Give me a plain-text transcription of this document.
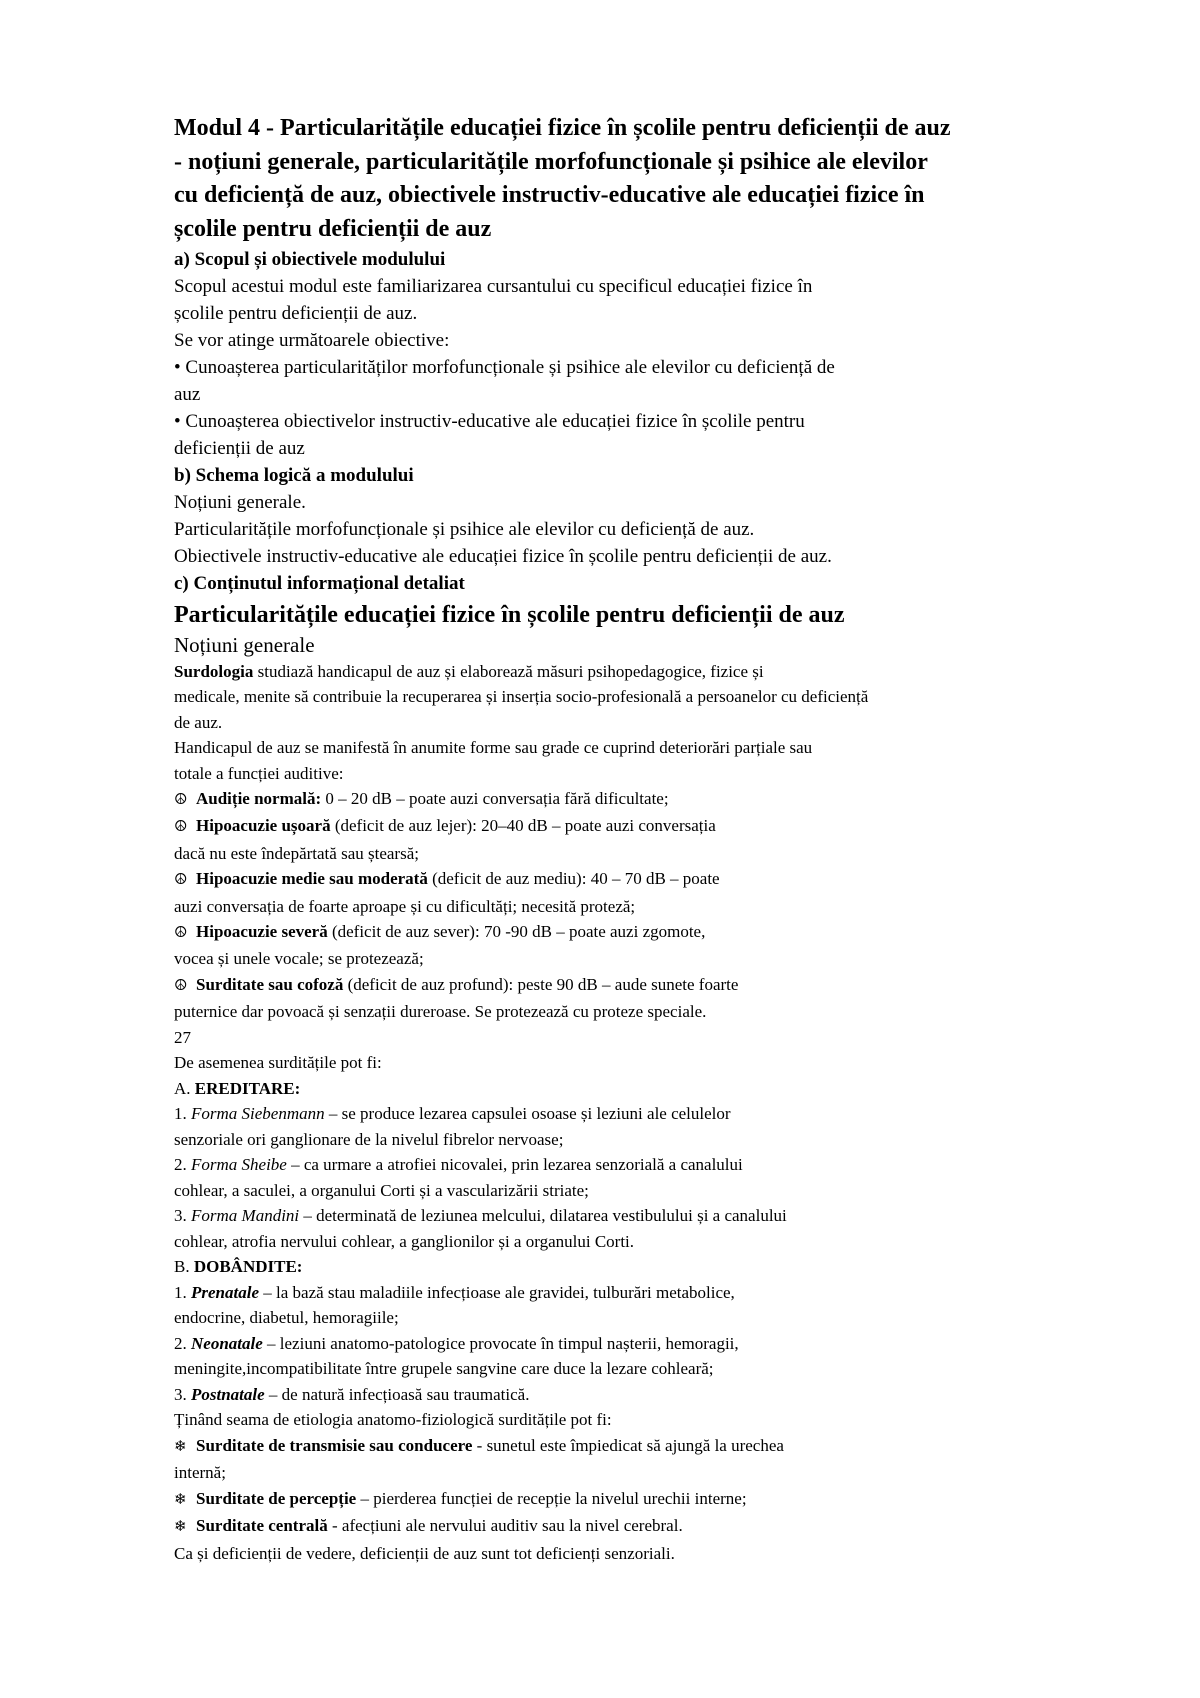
Modul 4 - Particularitățile educației fizice în școlile pentru deficienții de auz
- noțiuni generale, particularitățile morfofuncționale și psihice ale elevilor
cu deficiență de auz, obiectivele instructiv-educative ale educației fizice în
școlile pentru deficienții de auz
a) Scopul și obiectivele modulului
Scopul acestui modul este familiarizarea cursantului cu specificul educației fizice în
școlile pentru deficienții de auz.
Se vor atinge următoarele obiective:
• Cunoașterea particularităților morfofuncționale și psihice ale elevilor cu deficiență de
auz
• Cunoașterea obiectivelor instructiv-educative ale educației fizice în școlile pentru
deficienții de auz
b) Schema logică a modulului
Noțiuni generale.
Particularitățile morfofuncționale și psihice ale elevilor cu deficiență de auz.
Obiectivele instructiv-educative ale educației fizice în școlile pentru deficienții de auz.
c) Conținutul informațional detaliat
Particularitățile educației fizice în școlile pentru deficienții de auz
Noțiuni generale
Surdologia studiază handicapul de auz și elaborează măsuri psihopedagogice, fizice și
medicale, menite să contribuie la recuperarea și inserția socio-profesională a persoanelor cu deficiență
de auz.
Handicapul de auz se manifestă în anumite forme sau grade ce cuprind deteriorări parțiale sau
totale a funcției auditive:
☮ Audiție normală: 0 – 20 dB – poate auzi conversația fără dificultate;
☮ Hipoacuzie ușoară (deficit de auz lejer): 20–40 dB – poate auzi conversația
dacă nu este îndepărtată sau ștearsă;
☮ Hipoacuzie medie sau moderată (deficit de auz mediu): 40 – 70 dB – poate
auzi conversația de foarte aproape și cu dificultăți; necesită proteză;
☮ Hipoacuzie severă (deficit de auz sever): 70 -90 dB – poate auzi zgomote,
vocea și unele vocale; se protezează;
☮ Surditate sau cofoză (deficit de auz profund): peste 90 dB – aude sunete foarte
puternice dar povoacă și senzații dureroase. Se protezează cu proteze speciale.
27
De asemenea surditățile pot fi:
A. EREDITARE:
1. Forma Siebenmann – se produce lezarea capsulei osoase și leziuni ale celulelor
senzoriale ori ganglionare de la nivelul fibrelor nervoase;
2. Forma Sheibe – ca urmare a atrofiei nicovalei, prin lezarea senzorială a canalului
cohlear, a saculei, a organului Corti și a vascularizării striate;
3. Forma Mandini – determinată de leziunea melcului, dilatarea vestibulului și a canalului
cohlear, atrofia nervului cohlear, a ganglionilor și a organului Corti.
B. DOBÂNDITE:
1. Prenatale – la bază stau maladiile infecțioase ale gravidei, tulburări metabolice,
endocrine, diabetul, hemoragiile;
2. Neonatale – leziuni anatomo-patologice provocate în timpul nașterii, hemoragii,
meningite,incompatibilitate între grupele sangvine care duce la lezare cohleară;
3. Postnatale – de natură infecțioasă sau traumatică.
Ținând seama de etiologia anatomo-fiziologică surditățile pot fi:
❄ Surditate de transmisie sau conducere - sunetul este împiedicat să ajungă la urechea
internă;
❄ Surditate de percepție – pierderea funcției de recepție la nivelul urechii interne;
❄ Surditate centrală - afecțiuni ale nervului auditiv sau la nivel cerebral.
Ca și deficienții de vedere, deficienții de auz sunt tot deficienți senzoriali.
